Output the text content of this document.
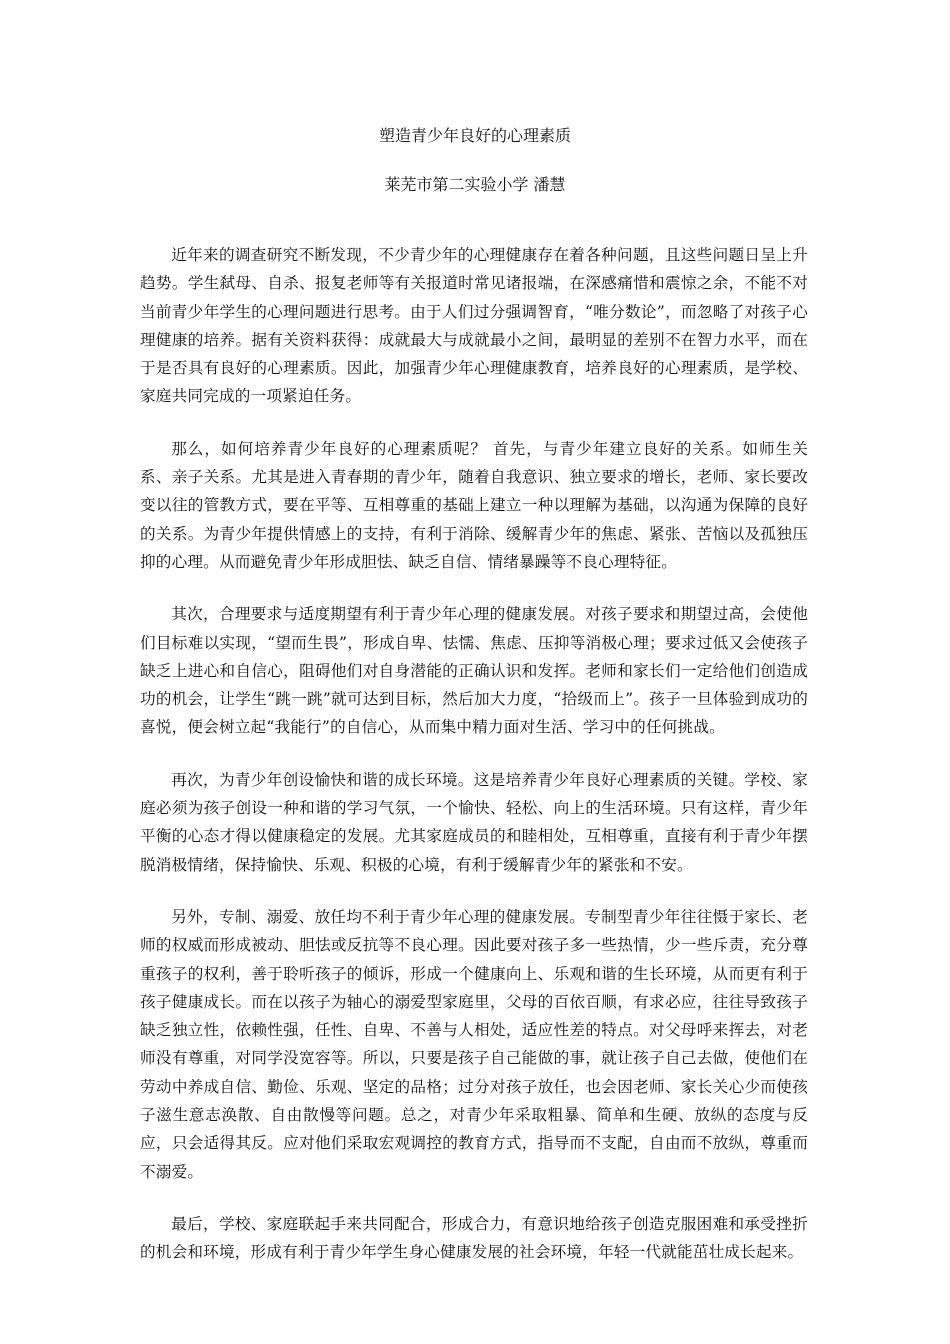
塑造青少年良好的心理素质

莱芜市第二实验小学 潘慧

近年来的调查研究不断发现，不少青少年的心理健康存在着各种问题，且这些问题日呈上升趋势。学生弑母、自杀、报复老师等有关报道时常见诸报端，在深感痛惜和震惊之余，不能不对当前青少年学生的心理问题进行思考。由于人们过分强调智育，“唯分数论”，而忽略了对孩子心理健康的培养。据有关资料获得：成就最大与成就最小之间，最明显的差别不在智力水平，而在于是否具有良好的心理素质。因此，加强青少年心理健康教育，培养良好的心理素质，是学校、家庭共同完成的一项紧迫任务。

那么，如何培养青少年良好的心理素质呢？ 首先，与青少年建立良好的关系。如师生关系、亲子关系。尤其是进入青春期的青少年，随着自我意识、独立要求的增长，老师、家长要改变以往的管教方式，要在平等、互相尊重的基础上建立一种以理解为基础，以沟通为保障的良好的关系。为青少年提供情感上的支持，有利于消除、缓解青少年的焦虑、紧张、苦恼以及孤独压抑的心理。从而避免青少年形成胆怯、缺乏自信、情绪暴躁等不良心理特征。

其次，合理要求与适度期望有利于青少年心理的健康发展。对孩子要求和期望过高，会使他们目标难以实现，“望而生畏”，形成自卑、怯懦、焦虑、压抑等消极心理；要求过低又会使孩子缺乏上进心和自信心，阻碍他们对自身潜能的正确认识和发挥。老师和家长们一定给他们创造成功的机会，让学生“跳一跳”就可达到目标，然后加大力度，“拾级而上”。孩子一旦体验到成功的喜悦，便会树立起“我能行”的自信心，从而集中精力面对生活、学习中的任何挑战。

再次，为青少年创设愉快和谐的成长环境。这是培养青少年良好心理素质的关键。学校、家庭必须为孩子创设一种和谐的学习气氛，一个愉快、轻松、向上的生活环境。只有这样，青少年平衡的心态才得以健康稳定的发展。尤其家庭成员的和睦相处，互相尊重，直接有利于青少年摆脱消极情绪，保持愉快、乐观、积极的心境，有利于缓解青少年的紧张和不安。

另外，专制、溺爱、放任均不利于青少年心理的健康发展。专制型青少年往往慑于家长、老师的权威而形成被动、胆怯或反抗等不良心理。因此要对孩子多一些热情，少一些斥责，充分尊重孩子的权利，善于聆听孩子的倾诉，形成一个健康向上、乐观和谐的生长环境，从而更有利于孩子健康成长。而在以孩子为轴心的溺爱型家庭里，父母的百依百顺，有求必应，往往导致孩子缺乏独立性，依赖性强，任性、自卑、不善与人相处，适应性差的特点。对父母呼来挥去，对老师没有尊重，对同学没宽容等。所以，只要是孩子自己能做的事，就让孩子自己去做，使他们在劳动中养成自信、勤俭、乐观、坚定的品格；过分对孩子放任，也会因老师、家长关心少而使孩子滋生意志涣散、自由散慢等问题。总之，对青少年采取粗暴、简单和生硬、放纵的态度与反应，只会适得其反。应对他们采取宏观调控的教育方式，指导而不支配，自由而不放纵，尊重而不溺爱。

最后，学校、家庭联起手来共同配合，形成合力，有意识地给孩子创造克服困难和承受挫折的机会和环境，形成有利于青少年学生身心健康发展的社会环境，年轻一代就能茁壮成长起来。
